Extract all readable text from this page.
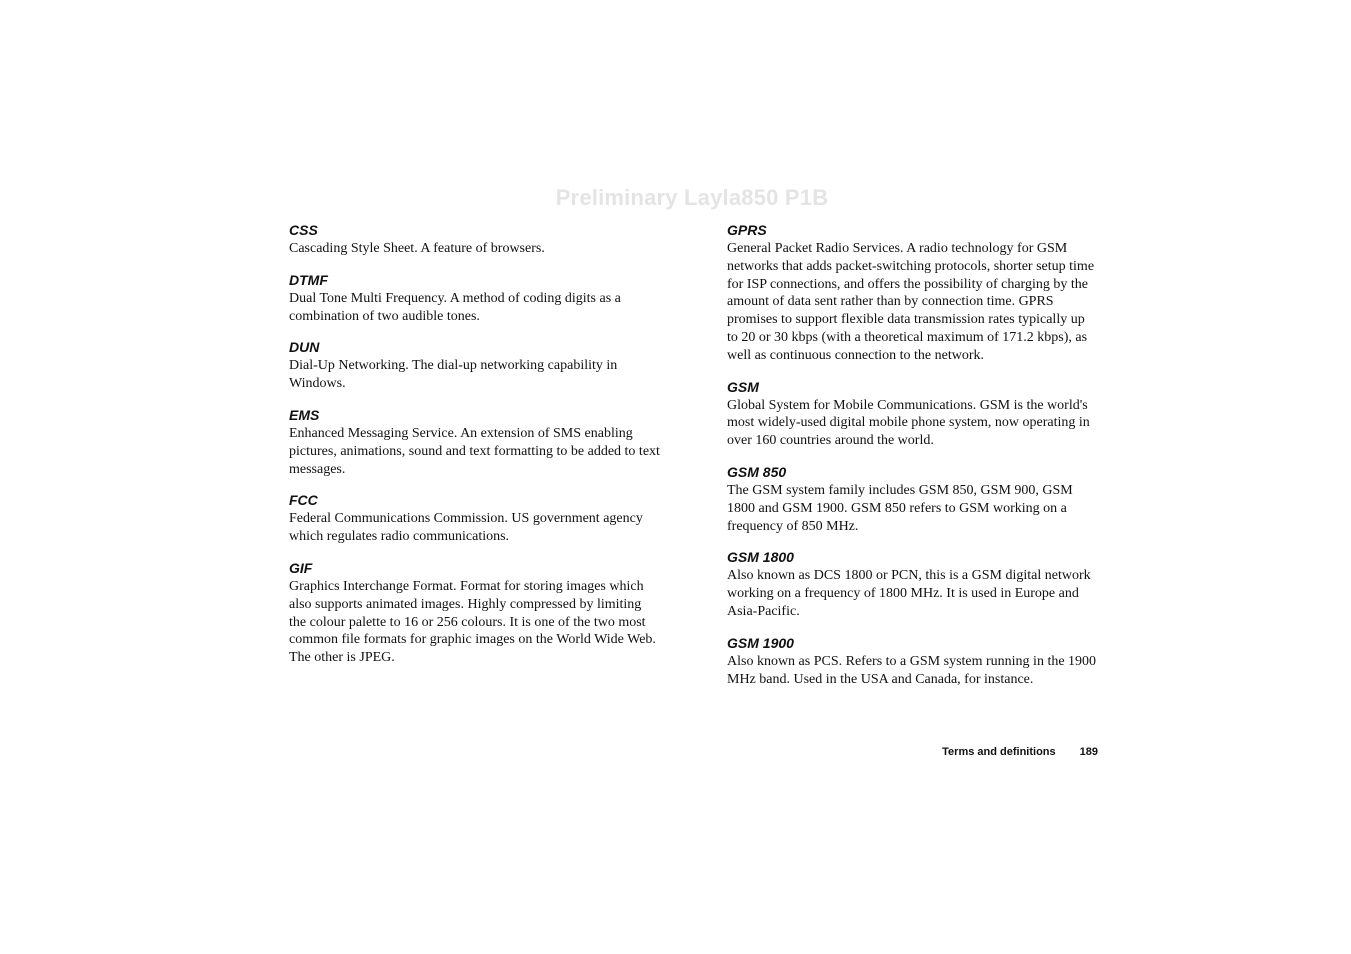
Preliminary Layla850 P1B
CSS

Cascading Style Sheet. A feature of browsers.

DTMF

Dual Tone Multi Frequency. A method of coding digits as a combination of two audible tones.

DUN

Dial-Up Networking. The dial-up networking capability in Windows.

EMS

Enhanced Messaging Service. An extension of SMS enabling pictures, animations, sound and text formatting to be added to text messages.

FCC

Federal Communications Commission. US government agency which regulates radio communications.

GIF

Graphics Interchange Format. Format for storing images which also supports animated images. Highly compressed by limiting the colour palette to 16 or 256 colours. It is one of the two most common file formats for graphic images on the World Wide Web. The other is JPEG.

GPRS

General Packet Radio Services. A radio technology for GSM networks that adds packet-switching protocols, shorter setup time for ISP connections, and offers the possibility of charging by the amount of data sent rather than by connection time. GPRS promises to support flexible data transmission rates typically up to 20 or 30 kbps (with a theoretical maximum of 171.2 kbps), as well as continuous connection to the network.

GSM

Global System for Mobile Communications. GSM is the world's most widely-used digital mobile phone system, now operating in over 160 countries around the world.

GSM 850

The GSM system family includes GSM 850, GSM 900, GSM 1800 and GSM 1900. GSM 850 refers to GSM working on a frequency of 850 MHz.

GSM 1800

Also known as DCS 1800 or PCN, this is a GSM digital network working on a frequency of 1800 MHz. It is used in Europe and Asia-Pacific.

GSM 1900

Also known as PCS. Refers to a GSM system running in the 1900 MHz band. Used in the USA and Canada, for instance.

Terms and definitions 189
